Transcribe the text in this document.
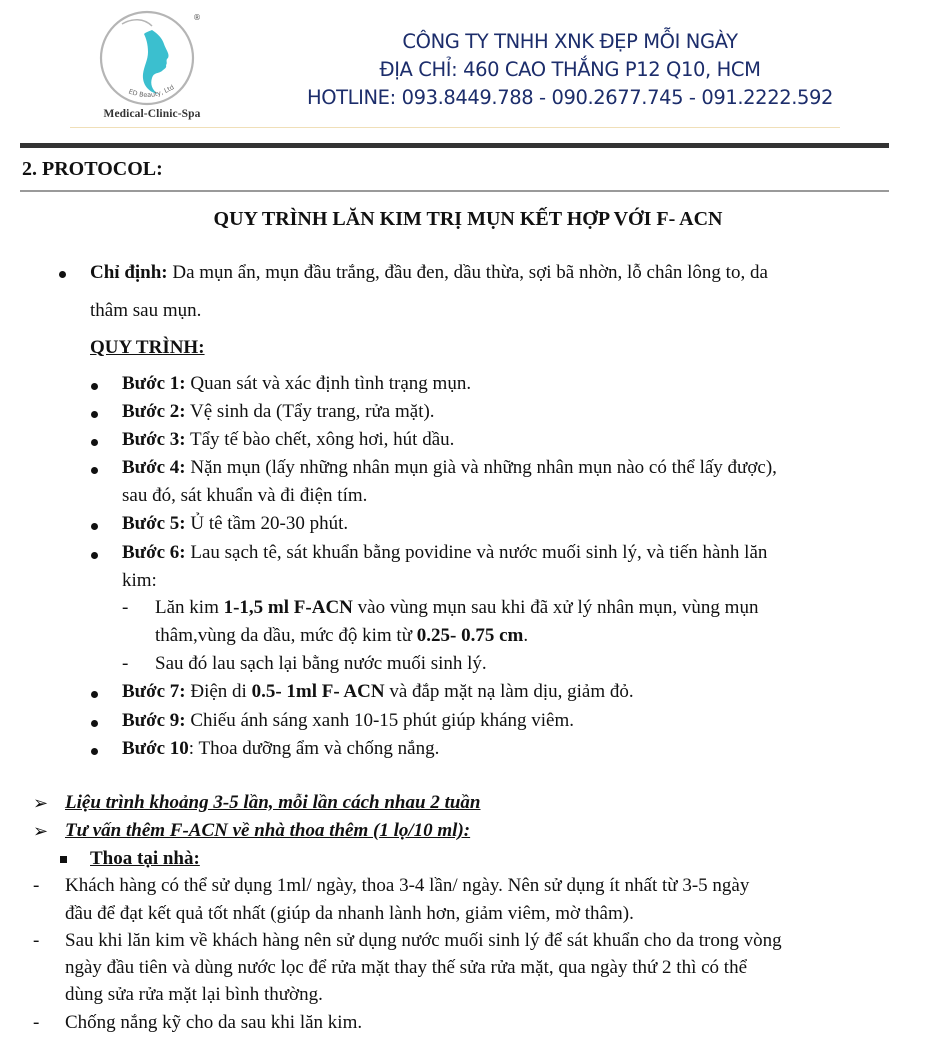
®
ED Beauty, Ltd
Medical-Clinic-Spa
CÔNG TY TNHH XNK ĐẸP MỖI NGÀY
ĐỊA CHỈ: 460 CAO THẮNG P12 Q10, HCM
HOTLINE: 093.8449.788 - 090.2677.745 - 091.2222.592
2. PROTOCOL:
QUY TRÌNH LĂN KIM TRỊ MỤN KẾT HỢP VỚI F- ACN
Chỉ định: Da mụn ẩn, mụn đầu trắng, đầu đen, dầu thừa, sợi bã nhờn, lỗ chân lông to, da
thâm sau mụn.
QUY TRÌNH:
Bước 1: Quan sát và xác định tình trạng mụn.
Bước 2: Vệ sinh da (Tẩy trang, rửa mặt).
Bước 3: Tẩy tế bào chết, xông hơi, hút dầu.
Bước 4: Nặn mụn (lấy những nhân mụn già và những nhân mụn nào có thể lấy được),
sau đó, sát khuẩn và đi điện tím.
Bước 5: Ủ tê tầm 20-30 phút.
Bước 6: Lau sạch tê, sát khuẩn bằng povidine và nước muối sinh lý, và tiến hành lăn
kim:
- Lăn kim 1-1,5 ml F-ACN vào vùng mụn sau khi đã xử lý nhân mụn, vùng mụn
thâm,vùng da dầu, mức độ kim từ 0.25- 0.75 cm.
- Sau đó lau sạch lại bằng nước muối sinh lý.
Bước 7: Điện di 0.5- 1ml F- ACN và đắp mặt nạ làm dịu, giảm đỏ.
Bước 9: Chiếu ánh sáng xanh 10-15 phút giúp kháng viêm.
Bước 10: Thoa dưỡng ẩm và chống nắng.
➢ Liệu trình khoảng 3-5 lần, mỗi lần cách nhau 2 tuần
➢ Tư vấn thêm F-ACN về nhà thoa thêm (1 lọ/10 ml):
Thoa tại nhà:
- Khách hàng có thể sử dụng 1ml/ ngày, thoa 3-4 lần/ ngày. Nên sử dụng ít nhất từ 3-5 ngày
đầu để đạt kết quả tốt nhất (giúp da nhanh lành hơn, giảm viêm, mờ thâm).
- Sau khi lăn kim về khách hàng nên sử dụng nước muối sinh lý để sát khuẩn cho da trong vòng
ngày đầu tiên và dùng nước lọc để rửa mặt thay thế sửa rửa mặt, qua ngày thứ 2 thì có thể
dùng sửa rửa mặt lại bình thường.
- Chống nắng kỹ cho da sau khi lăn kim.
